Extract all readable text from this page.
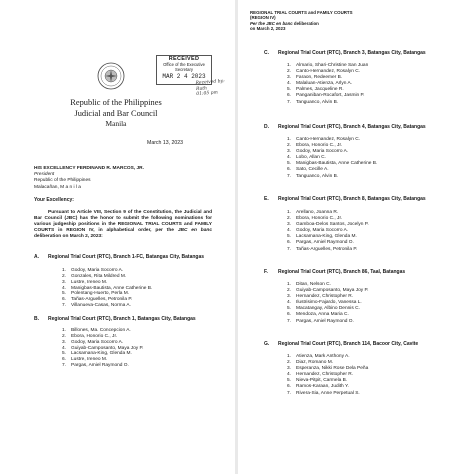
RECEIVED
Office of the Executive Secretary
MAR 2 4 2023
Received by:
Ruth
01:05 pm
Republic of the Philippines
Judicial and Bar Council
Manila
March 13, 2023
HIS EXCELLENCY FERDINAND R. MARCOS, JR.
President
Republic of the Philippines
Malacañan, M a n i l a
Your Excellency:
Pursuant to Article VIII, Section 9 of the Constitution, the Judicial and Bar Council (JBC) has the honor to submit the following nominations for various judgeship positions in the REGIONAL TRIAL COURTS and FAMILY COURTS in REGION IV, in alphabetical order, per the JBC en banc deliberation on March 2, 2023:
A. Regional Trial Court (RTC), Branch 1-FC, Batangas City, Batangas
1. Godoy, Maria Socorro A.
2. Gonzales, Rita Mildred M.
3. Lustre, Ireneo M.
4. Manigbas-Bautista, Anne Catherine B.
5. Polentang-Huerto, Perla M.
6. Tañas-Arguelles, Petronila P.
7. Villanueva-Casas, Norma A.
B. Regional Trial Court (RTC), Branch 1, Batangas City, Batangas
1. Billones, Ma. Concepcion A.
2. Ebora, Honorio C., Jr.
3. Godoy, Maria Socorro A.
4. Guiyab-Camposanto, Maya Joy P.
5. Lacsamana-King, Glenda M.
6. Lustre, Ireneo M.
7. Pargas, Amiel Raymond O.
REGIONAL TRIAL COURTS and FAMILY COURTS
(REGION IV)
Per the JBC en banc deliberation
on March 2, 2023
C. Regional Trial Court (RTC), Branch 3, Batangas City, Batangas
1. Almario, Shari-Christine San Juan
2. Canto-Hernandez, Rosalyn C.
3. Faraon, Redeemer B.
4. Malaluan-Atienza, Arlyn A.
5. Palmes, Jacqueline R.
6. Panganiban-Rocafort, Jasmin P.
7. Tanguanco, Alvin B.
D. Regional Trial Court (RTC), Branch 4, Batangas City, Batangas
1. Canto-Hernandez, Rosalyn C.
2. Ebora, Honorio C., Jr.
3. Godoy, Maria Socorro A.
4. Lobo, Allan C.
5. Manigbas-Bautista, Anne Catherine B.
6. Sato, Cecille A.
7. Tanguanco, Alvin B.
E. Regional Trial Court (RTC), Branch 8, Batangas City, Batangas
1. Arellano, Joanna R.
2. Ebora, Honorio C., Jr.
3. Gamboa-Delos Santos, Jocelyn P.
4. Godoy, Maria Socorro A.
5. Lacsamana-King, Glenda M.
6. Pargas, Amiel Raymond O.
7. Tañas-Arguelles, Petronila P.
F. Regional Trial Court (RTC), Branch 86, Taal, Batangas
1. Ditan, Nelson C.
2. Guiyab-Camposanto, Maya Joy P.
3. Hernandez, Christopher R.
4. Ilustrisimo-Fajardo, Vanessa L.
5. Macatangay, Albino Dennis C.
6. Mendoza, Anna Maria C.
7. Pargas, Amiel Raymond O.
G. Regional Trial Court (RTC), Branch 114, Bacoor City, Cavite
1. Atienza, Mark Anthony A.
2. Diaz, Romano M.
3. Esperanza, Nikki Rose Dela Peña
4. Hernandez, Christopher R.
5. Nieva-Pitpit, Carmela B.
6. Ramos-Karaan, Judith Y.
7. Rivera-Sia, Anne Perpetual S.
